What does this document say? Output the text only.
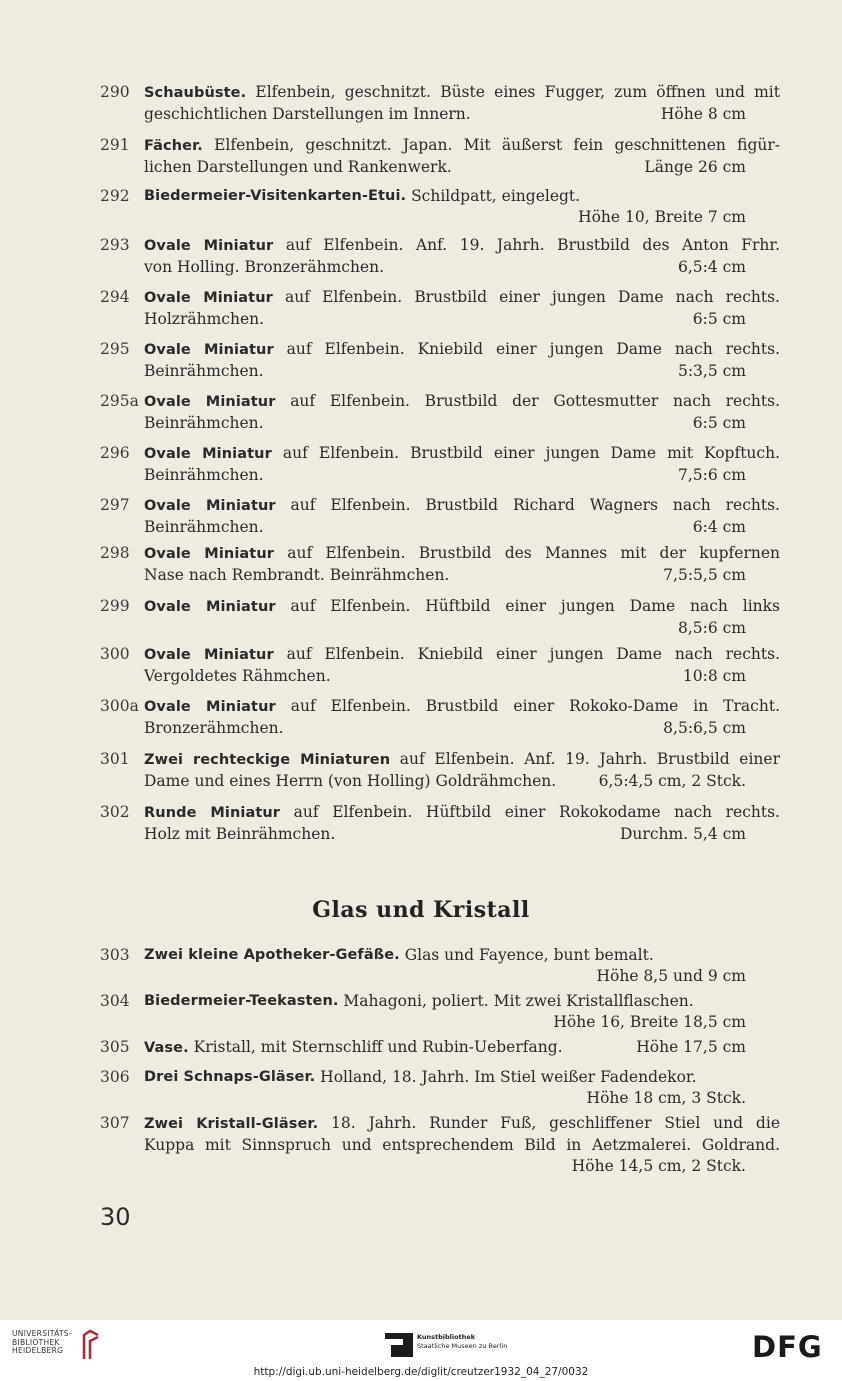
290 Schaubüste. Elfenbein, geschnitzt. Büste eines Fugger, zum öffnen und mit
geschichtlichen Darstellungen im Innern.	Höhe 8 cm
291 Fächer. Elfenbein, geschnitzt. Japan. Mit äußerst fein geschnittenen figür-
lichen Darstellungen und Rankenwerk.	Länge 26 cm
292 Biedermeier-Visitenkarten-Etui. Schildpatt, eingelegt.
Höhe 10, Breite 7 cm
293 Ovale Miniatur auf Elfenbein. Anf. 19. Jahrh. Brustbild des Anton Frhr.
von Holling. Bronzerähmchen.	6,5:4 cm
294 Ovale Miniatur auf Elfenbein. Brustbild einer jungen Dame nach rechts.
Holzrähmchen.	6:5 cm
295 Ovale Miniatur auf Elfenbein. Kniebild einer jungen Dame nach rechts.
Beinrähmchen.	5:3,5 cm
295a Ovale Miniatur auf Elfenbein. Brustbild der Gottesmutter nach rechts.
Beinrähmchen.	6:5 cm
296 Ovale Miniatur auf Elfenbein. Brustbild einer jungen Dame mit Kopftuch.
Beinrähmchen.	7,5:6 cm
297 Ovale Miniatur auf Elfenbein. Brustbild Richard Wagners nach rechts.
Beinrähmchen.	6:4 cm
298 Ovale Miniatur auf Elfenbein. Brustbild des Mannes mit der kupfernen
Nase nach Rembrandt. Beinrähmchen.	7,5:5,5 cm
299 Ovale Miniatur auf Elfenbein. Hüftbild einer jungen Dame nach links
8,5:6 cm
300 Ovale Miniatur auf Elfenbein. Kniebild einer jungen Dame nach rechts.
Vergoldetes Rähmchen.	10:8 cm
300a Ovale Miniatur auf Elfenbein. Brustbild einer Rokoko-Dame in Tracht.
Bronzerähmchen.	8,5:6,5 cm
301 Zwei rechteckige Miniaturen auf Elfenbein. Anf. 19. Jahrh. Brustbild einer
Dame und eines Herrn (von Holling) Goldrähmchen.	6,5:4,5 cm, 2 Stck.
302 Runde Miniatur auf Elfenbein. Hüftbild einer Rokokodame nach rechts.
Holz mit Beinrähmchen.	Durchm. 5,4 cm
Glas und Kristall
303 Zwei kleine Apotheker-Gefäße. Glas und Fayence, bunt bemalt.
Höhe 8,5 und 9 cm
304 Biedermeier-Teekasten. Mahagoni, poliert. Mit zwei Kristallflaschen.
Höhe 16, Breite 18,5 cm
305 Vase. Kristall, mit Sternschliff und Rubin-Ueberfang.	Höhe 17,5 cm
306 Drei Schnaps-Gläser. Holland, 18. Jahrh. Im Stiel weißer Fadendekor.
Höhe 18 cm, 3 Stck.
307 Zwei Kristall-Gläser. 18. Jahrh. Runder Fuß, geschliffener Stiel und die
Kuppa mit Sinnspruch und entsprechendem Bild in Aetzmalerei. Goldrand.
Höhe 14,5 cm, 2 Stck.
30
UNIVERSITÄTS-
BIBLIOTHEK
HEIDELBERG
Kunstbibliothek
Staatliche Museen zu Berlin	DFG
http://digi.ub.uni-heidelberg.de/diglit/creutzer1932_04_27/0032
